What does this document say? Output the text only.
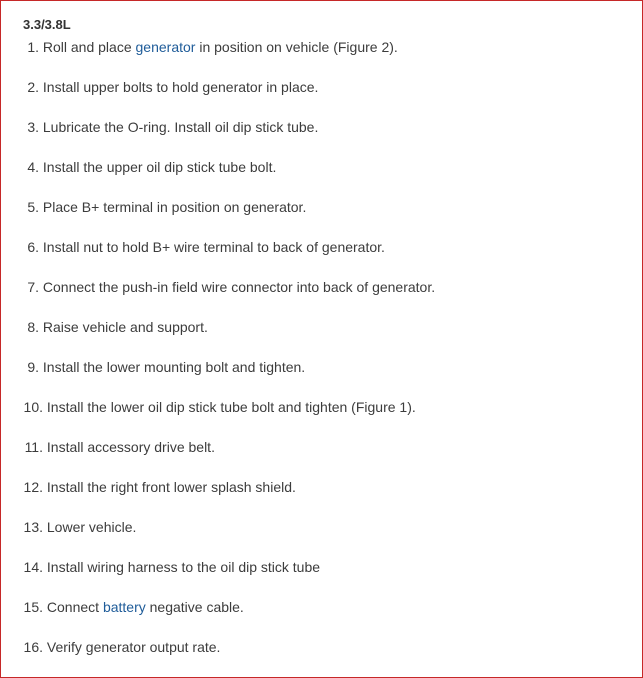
3.3/3.8L
1. Roll and place generator in position on vehicle (Figure 2).
2. Install upper bolts to hold generator in place.
3. Lubricate the O-ring. Install oil dip stick tube.
4. Install the upper oil dip stick tube bolt.
5. Place B+ terminal in position on generator.
6. Install nut to hold B+ wire terminal to back of generator.
7. Connect the push-in field wire connector into back of generator.
8. Raise vehicle and support.
9. Install the lower mounting bolt and tighten.
10. Install the lower oil dip stick tube bolt and tighten (Figure 1).
11. Install accessory drive belt.
12. Install the right front lower splash shield.
13. Lower vehicle.
14. Install wiring harness to the oil dip stick tube
15. Connect battery negative cable.
16. Verify generator output rate.
